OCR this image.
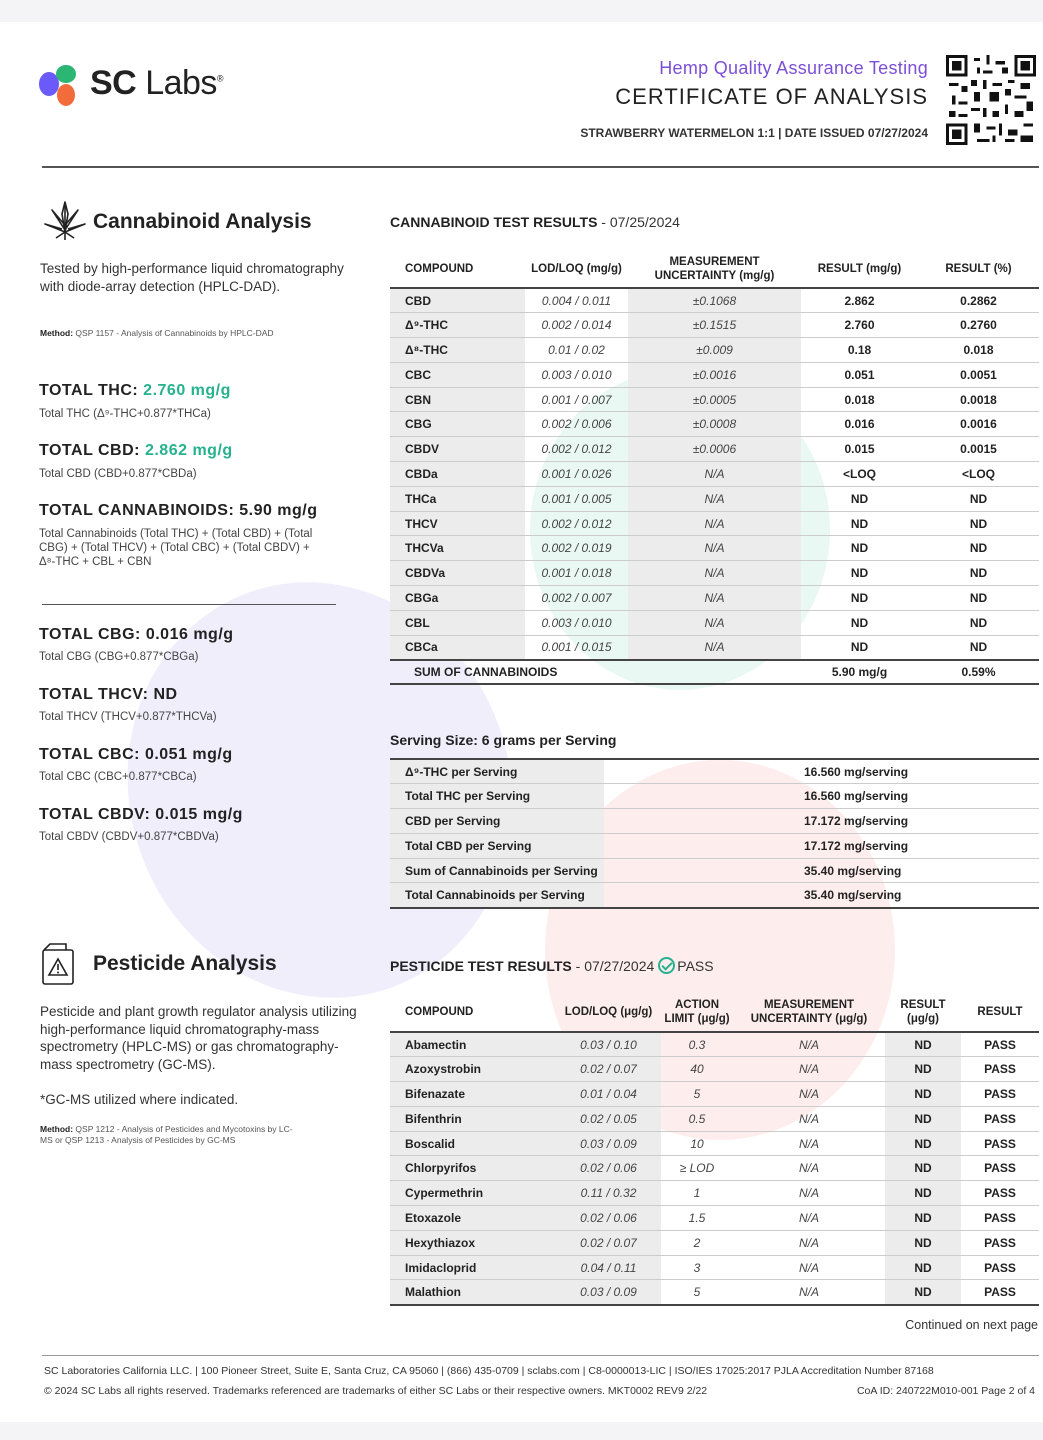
SC Labs®
Hemp Quality Assurance Testing
CERTIFICATE OF ANALYSIS
STRAWBERRY WATERMELON 1:1 | DATE ISSUED 07/27/2024
Cannabinoid Analysis
Tested by high-performance liquid chromatography with diode-array detection (HPLC-DAD).
Method: QSP 1157 - Analysis of Cannabinoids by HPLC-DAD
TOTAL THC: 2.760 mg/g
Total THC (Δ⁹-THC+0.877*THCa)
TOTAL CBD: 2.862 mg/g
Total CBD (CBD+0.877*CBDa)
TOTAL CANNABINOIDS: 5.90 mg/g
Total Cannabinoids (Total THC) + (Total CBD) + (Total CBG) + (Total THCV) + (Total CBC) + (Total CBDV) + Δ⁸-THC + CBL + CBN
TOTAL CBG: 0.016 mg/g
Total CBG (CBG+0.877*CBGa)
TOTAL THCV: ND
Total THCV (THCV+0.877*THCVa)
TOTAL CBC: 0.051 mg/g
Total CBC (CBC+0.877*CBCa)
TOTAL CBDV: 0.015 mg/g
Total CBDV (CBDV+0.877*CBDVa)
CANNABINOID TEST RESULTS - 07/25/2024
COMPOUND	LOD/LOQ (mg/g)	MEASUREMENT UNCERTAINTY (mg/g)	RESULT (mg/g)	RESULT (%)
CBD	0.004 / 0.011	±0.1068	2.862	0.2862
Δ⁹-THC	0.002 / 0.014	±0.1515	2.760	0.2760
Δ⁸-THC	0.01 / 0.02	±0.009	0.18	0.018
CBC	0.003 / 0.010	±0.0016	0.051	0.0051
CBN	0.001 / 0.007	±0.0005	0.018	0.0018
CBG	0.002 / 0.006	±0.0008	0.016	0.0016
CBDV	0.002 / 0.012	±0.0006	0.015	0.0015
CBDa	0.001 / 0.026	N/A	<LOQ	<LOQ
THCa	0.001 / 0.005	N/A	ND	ND
THCV	0.002 / 0.012	N/A	ND	ND
THCVa	0.002 / 0.019	N/A	ND	ND
CBDVa	0.001 / 0.018	N/A	ND	ND
CBGa	0.002 / 0.007	N/A	ND	ND
CBL	0.003 / 0.010	N/A	ND	ND
CBCa	0.001 / 0.015	N/A	ND	ND
SUM OF CANNABINOIDS			5.90 mg/g	0.59%
Serving Size: 6 grams per Serving
Δ⁹-THC per Serving		16.560 mg/serving
Total THC per Serving		16.560 mg/serving
CBD per Serving		17.172 mg/serving
Total CBD per Serving		17.172 mg/serving
Sum of Cannabinoids per Serving		35.40 mg/serving
Total Cannabinoids per Serving		35.40 mg/serving
Pesticide Analysis
Pesticide and plant growth regulator analysis utilizing high-performance liquid chromatography-mass spectrometry (HPLC-MS) or gas chromatography-mass spectrometry (GC-MS).
*GC-MS utilized where indicated.
Method: QSP 1212 - Analysis of Pesticides and Mycotoxins by LC-MS or QSP 1213 - Analysis of Pesticides by GC-MS
PESTICIDE TEST RESULTS - 07/27/2024 PASS
COMPOUND	LOD/LOQ (μg/g)	ACTION LIMIT (μg/g)	MEASUREMENT UNCERTAINTY (μg/g)	RESULT (μg/g)	RESULT
Abamectin	0.03 / 0.10	0.3	N/A	ND	PASS
Azoxystrobin	0.02 / 0.07	40	N/A	ND	PASS
Bifenazate	0.01 / 0.04	5	N/A	ND	PASS
Bifenthrin	0.02 / 0.05	0.5	N/A	ND	PASS
Boscalid	0.03 / 0.09	10	N/A	ND	PASS
Chlorpyrifos	0.02 / 0.06	≥ LOD	N/A	ND	PASS
Cypermethrin	0.11 / 0.32	1	N/A	ND	PASS
Etoxazole	0.02 / 0.06	1.5	N/A	ND	PASS
Hexythiazox	0.02 / 0.07	2	N/A	ND	PASS
Imidacloprid	0.04 / 0.11	3	N/A	ND	PASS
Malathion	0.03 / 0.09	5	N/A	ND	PASS
Continued on next page
SC Laboratories California LLC. | 100 Pioneer Street, Suite E, Santa Cruz, CA 95060 | (866) 435-0709 | sclabs.com | C8-0000013-LIC | ISO/IES 17025:2017 PJLA Accreditation Number 87168
© 2024 SC Labs all rights reserved. Trademarks referenced are trademarks of either SC Labs or their respective owners. MKT0002 REV9 2/22	CoA ID: 240722M010-001 Page 2 of 4
